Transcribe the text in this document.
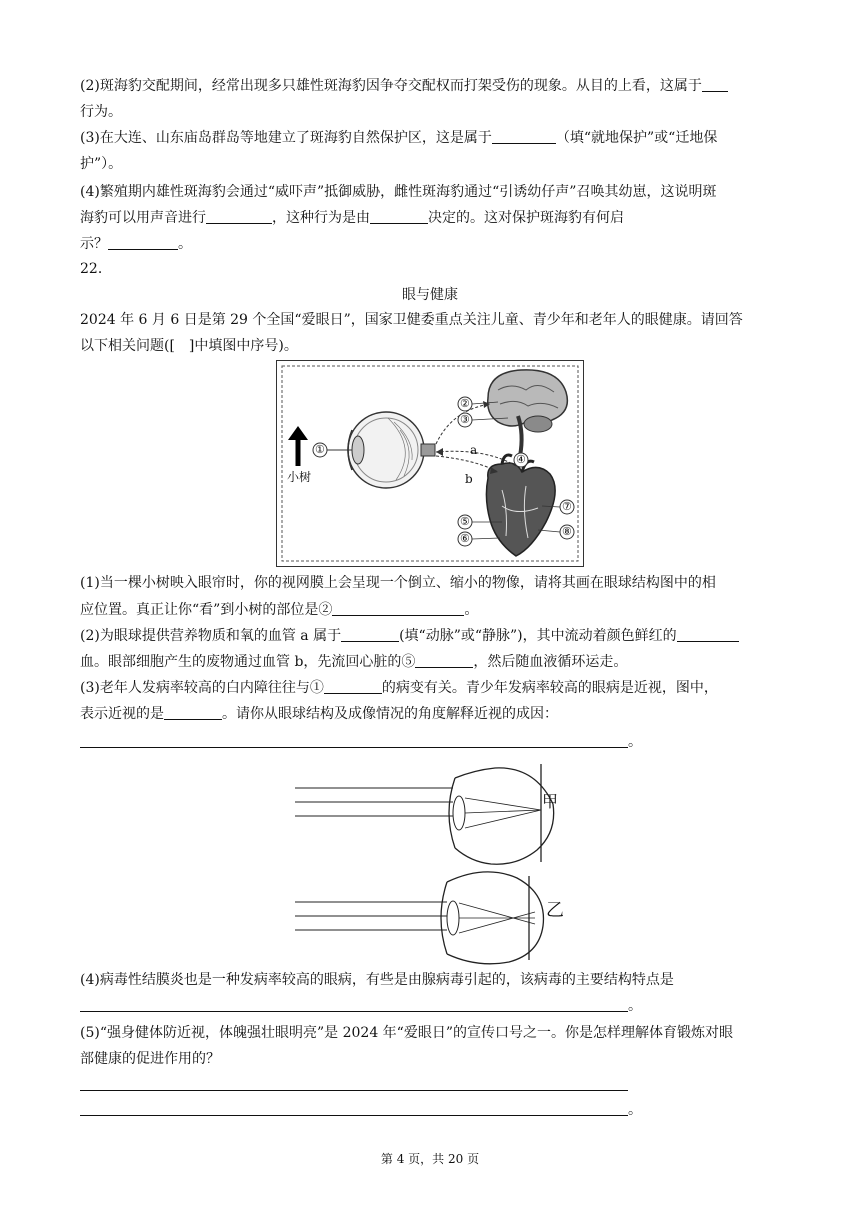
(2)斑海豹交配期间，经常出现多只雄性斑海豹因争夺交配权而打架受伤的现象。从目的上看，这属于
行为。
(3)在大连、山东庙岛群岛等地建立了斑海豹自然保护区，这是属于	（填“就地保护”或“迁地保
护”）。
(4)繁殖期内雄性斑海豹会通过“威吓声”抵御威胁，雌性斑海豹通过“引诱幼仔声”召唤其幼崽，这说明斑
海豹可以用声音进行	，这种行为是由	决定的。这对保护斑海豹有何启
示？	。
22．
眼与健康
2024 年 6 月 6 日是第 29 个全国“爱眼日”，国家卫健委重点关注儿童、青少年和老年人的眼健康。请回答
以下相关问题([　]中填图中序号)。
小树
①
②
③
④
⑦
⑤
⑥
⑧
a
b
(1)当一棵小树映入眼帘时，你的视网膜上会呈现一个倒立、缩小的物像，请将其画在眼球结构图中的相
应位置。真正让你“看”到小树的部位是②	。
(2)为眼球提供营养物质和氧的血管 a 属于	(填“动脉”或“静脉”)，其中流动着颜色鲜红的
血。眼部细胞产生的废物通过血管 b，先流回心脏的⑤	，然后随血液循环运走。
(3)老年人发病率较高的白内障往往与①	的病变有关。青少年发病率较高的眼病是近视，图中，
表示近视的是	。请你从眼球结构及成像情况的角度解释近视的成因：
。
甲
乙
(4)病毒性结膜炎也是一种发病率较高的眼病，有些是由腺病毒引起的，该病毒的主要结构特点是
。
(5)“强身健体防近视，体魄强壮眼明亮”是 2024 年“爱眼日”的宣传口号之一。你是怎样理解体育锻炼对眼
部健康的促进作用的？
。
第 4 页，共 20 页
